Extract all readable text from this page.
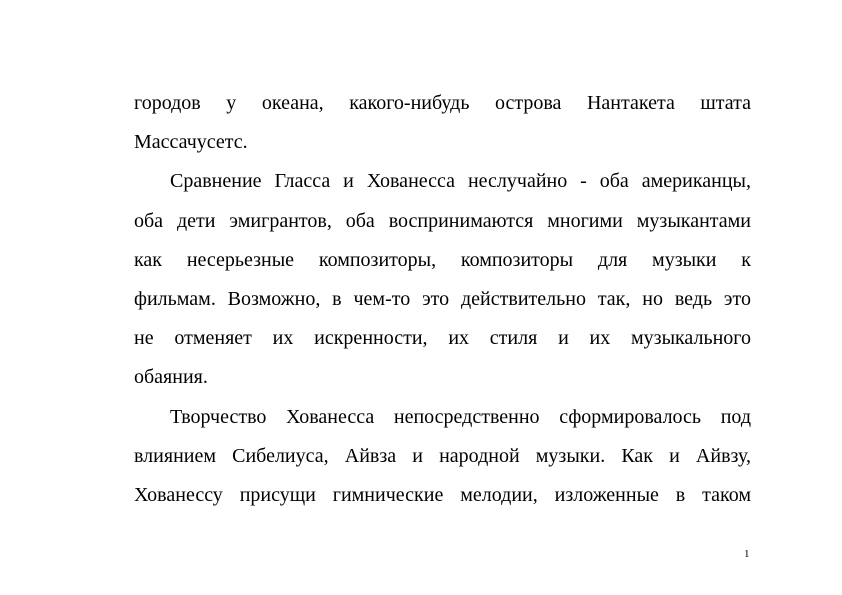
городов у океана, какого-нибудь острова Нантакета штата
Массачусетс.
Сравнение Гласса и Хованесса неслучайно - оба американцы,
оба дети эмигрантов, оба воспринимаются многими музыкантами
как несерьезные композиторы, композиторы для музыки к
фильмам. Возможно, в чем-то это действительно так, но ведь это
не отменяет их искренности, их стиля и их музыкального
обаяния.
Творчество Хованесса непосредственно сформировалось под
влиянием Сибелиуса, Айвза и народной музыки. Как и Айвзу,
Хованессу присущи гимнические мелодии, изложенные в таком
1
